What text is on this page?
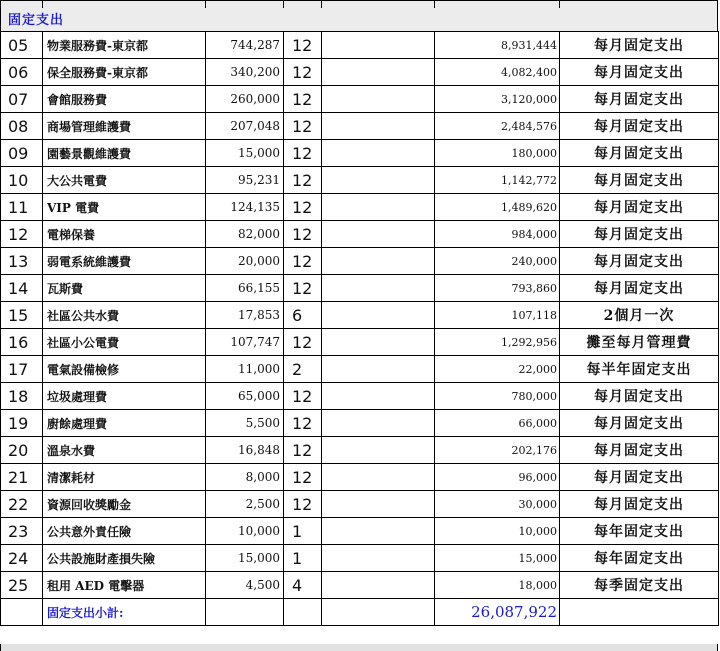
固定支出
05	物業服務費-東京都	744,287	12		8,931,444	每月固定支出
06	保全服務費-東京都	340,200	12		4,082,400	每月固定支出
07	會館服務費	260,000	12		3,120,000	每月固定支出
08	商場管理維護費	207,048	12		2,484,576	每月固定支出
09	園藝景觀維護費	15,000	12		180,000	每月固定支出
10	大公共電費	95,231	12		1,142,772	每月固定支出
11	VIP 電費	124,135	12		1,489,620	每月固定支出
12	電梯保養	82,000	12		984,000	每月固定支出
13	弱電系統維護費	20,000	12		240,000	每月固定支出
14	瓦斯費	66,155	12		793,860	每月固定支出
15	社區公共水費	17,853	6		107,118	2個月一次
16	社區小公電費	107,747	12		1,292,956	攤至每月管理費
17	電氣設備檢修	11,000	2		22,000	每半年固定支出
18	垃圾處理費	65,000	12		780,000	每月固定支出
19	廚餘處理費	5,500	12		66,000	每月固定支出
20	溫泉水費	16,848	12		202,176	每月固定支出
21	清潔耗材	8,000	12		96,000	每月固定支出
22	資源回收獎勵金	2,500	12		30,000	每月固定支出
23	公共意外責任險	10,000	1		10,000	每年固定支出
24	公共設施財產損失險	15,000	1		15,000	每年固定支出
25	租用 AED 電擊器	4,500	4		18,000	每季固定支出
	固定支出小計:				26,087,922	
